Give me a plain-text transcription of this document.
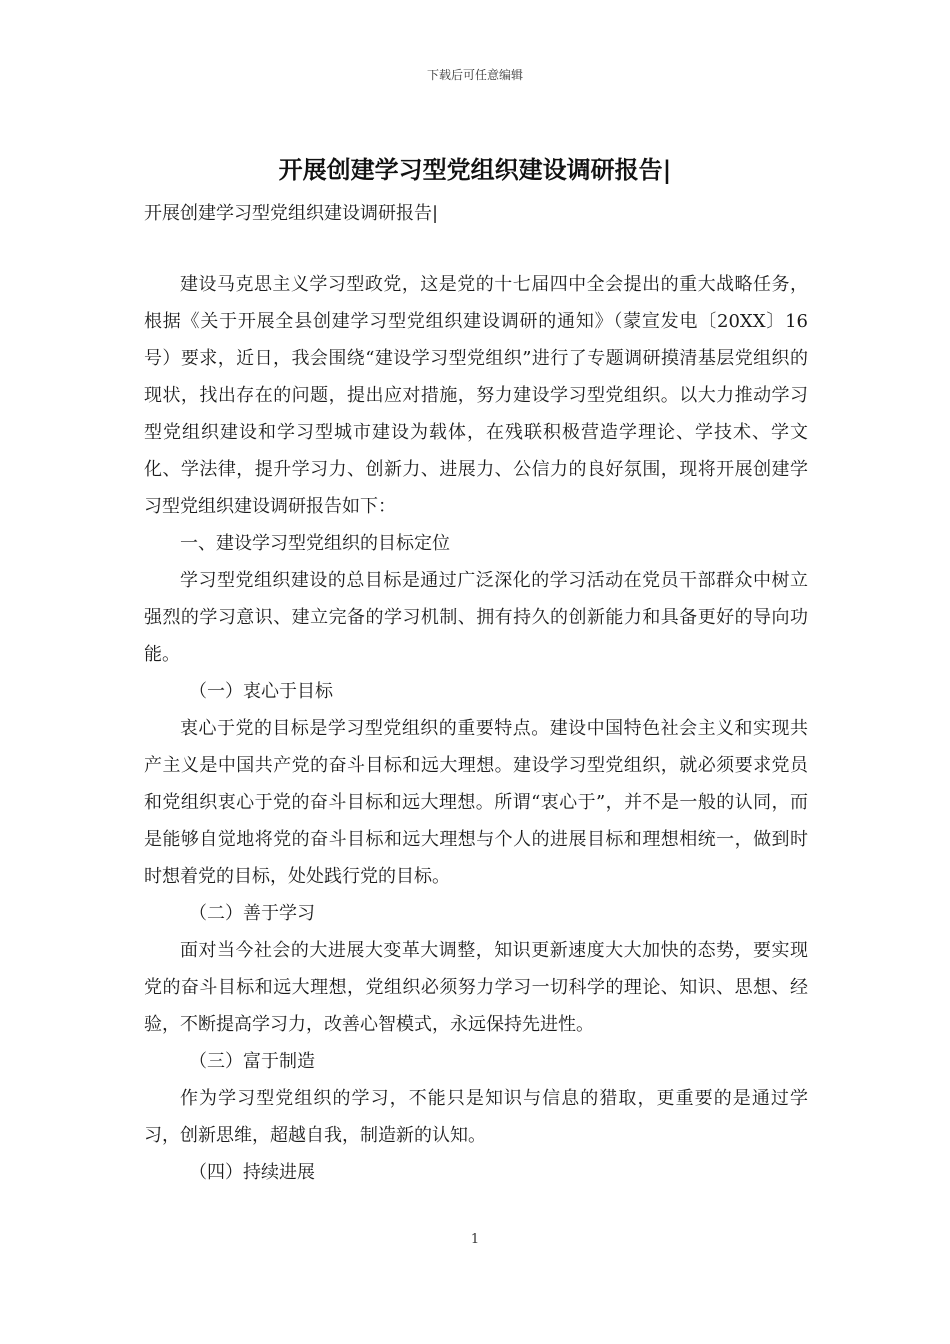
下载后可任意编辑
开展创建学习型党组织建设调研报告|
开展创建学习型党组织建设调研报告|

建设马克思主义学习型政党，这是党的十七届四中全会提出的重大战略任务，根据《关于开展全县创建学习型党组织建设调研的通知》（蒙宣发电〔20XX〕16号）要求，近日，我会围绕“建设学习型党组织”进行了专题调研摸清基层党组织的现状，找出存在的问题，提出应对措施，努力建设学习型党组织。以大力推动学习型党组织建设和学习型城市建设为载体，在残联积极营造学理论、学技术、学文化、学法律，提升学习力、创新力、进展力、公信力的良好氛围，现将开展创建学习型党组织建设调研报告如下：

一、建设学习型党组织的目标定位

学习型党组织建设的总目标是通过广泛深化的学习活动在党员干部群众中树立强烈的学习意识、建立完备的学习机制、拥有持久的创新能力和具备更好的导向功能。

（一）衷心于目标

衷心于党的目标是学习型党组织的重要特点。建设中国特色社会主义和实现共产主义是中国共产党的奋斗目标和远大理想。建设学习型党组织，就必须要求党员和党组织衷心于党的奋斗目标和远大理想。所谓“衷心于”，并不是一般的认同，而是能够自觉地将党的奋斗目标和远大理想与个人的进展目标和理想相统一，做到时时想着党的目标，处处践行党的目标。

（二）善于学习

面对当今社会的大进展大变革大调整，知识更新速度大大加快的态势，要实现党的奋斗目标和远大理想，党组织必须努力学习一切科学的理论、知识、思想、经验，不断提高学习力，改善心智模式，永远保持先进性。

（三）富于制造

作为学习型党组织的学习，不能只是知识与信息的猎取，更重要的是通过学习，创新思维，超越自我，制造新的认知。

（四）持续进展

1
